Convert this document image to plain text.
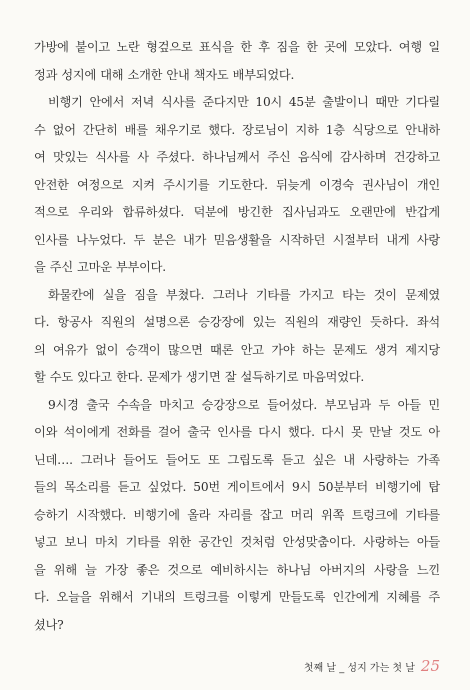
가방에 붙이고 노란 형겊으로 표식을 한 후 짐을 한 곳에 모았다. 여행 일
정과 성지에 대해 소개한 안내 책자도 배부되었다.
비행기 안에서 저녁 식사를 준다지만 10시 45분 출발이니 때만 기다릴
수 없어 간단히 배를 채우기로 했다. 장로님이 지하 1층 식당으로 안내하
여 맛있는 식사를 사 주셨다. 하나님께서 주신 음식에 감사하며 건강하고
안전한 여정으로 지켜 주시기를 기도한다. 뒤늦게 이경숙 권사님이 개인
적으로 우리와 합류하셨다. 덕분에 방긴한 집사님과도 오랜만에 반갑게
인사를 나누었다. 두 분은 내가 믿음생활을 시작하던 시절부터 내게 사랑
을 주신 고마운 부부이다.
화물칸에 실을 짐을 부쳤다. 그러나 기타를 가지고 타는 것이 문제였
다. 항공사 직원의 설명으론 승강장에 있는 직원의 재량인 듯하다. 좌석
의 여유가 없이 승객이 많으면 때론 안고 가야 하는 문제도 생겨 제지당
할 수도 있다고 한다. 문제가 생기면 잘 설득하기로 마음먹었다.
9시경 출국 수속을 마치고 승강장으로 들어섰다. 부모님과 두 아들 민
이와 석이에게 전화를 걸어 출국 인사를 다시 했다. 다시 못 만날 것도 아
닌데…. 그러나 들어도 들어도 또 그립도록 듣고 싶은 내 사랑하는 가족
들의 목소리를 듣고 싶었다. 50번 게이트에서 9시 50분부터 비행기에 탑
승하기 시작했다. 비행기에 올라 자리를 잡고 머리 위쪽 트렁크에 기타를
넣고 보니 마치 기타를 위한 공간인 것처럼 안성맞춤이다. 사랑하는 아들
을 위해 늘 가장 좋은 것으로 예비하시는 하나님 아버지의 사랑을 느낀
다. 오늘을 위해서 기내의 트렁크를 이렇게 만들도록 인간에게 지혜를 주
셨나?
첫째 날 _ 성지 가는 첫 날 25
